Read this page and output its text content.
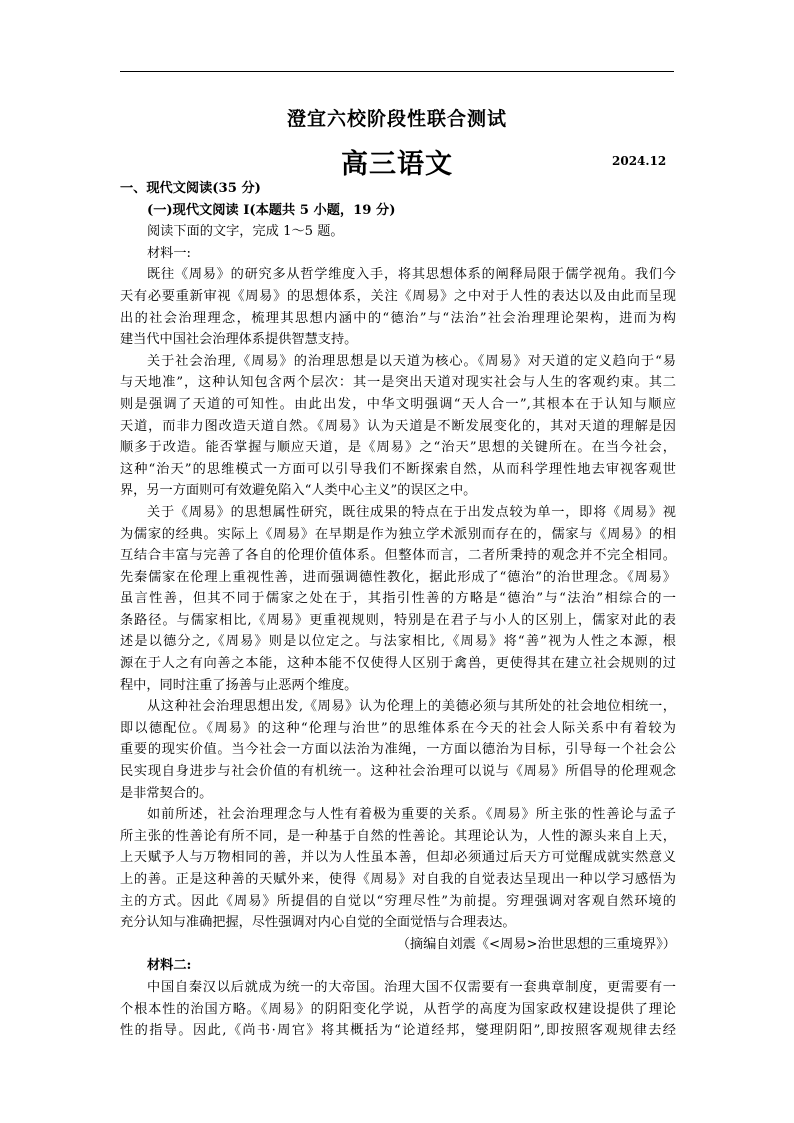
澄宜六校阶段性联合测试
高三语文	2024.12
一、现代文阅读(35 分)
(一)现代文阅读 I(本题共 5 小题，19 分)
阅读下面的文字，完成 1～5 题。
材料一:
既往《周易》的研究多从哲学维度入手，将其思想体系的阐释局限于儒学视角。我们今
天有必要重新审视《周易》的思想体系，关注《周易》之中对于人性的表达以及由此而呈现
出的社会治理理念，梳理其思想内涵中的“德治”与“法治”社会治理理论架构，进而为构
建当代中国社会治理体系提供智慧支持。
关于社会治理,《周易》的治理思想是以天道为核心。《周易》对天道的定义趋向于“易
与天地准”，这种认知包含两个层次：其一是突出天道对现实社会与人生的客观约束。其二
则是强调了天道的可知性。由此出发，中华文明强调“天人合一”,其根本在于认知与顺应
天道，而非力图改造天道自然。《周易》认为天道是不断发展变化的，其对天道的理解是因
顺多于改造。能否掌握与顺应天道，是《周易》之“治天”思想的关键所在。在当今社会，
这种“治天”的思维模式一方面可以引导我们不断探索自然，从而科学理性地去审视客观世
界，另一方面则可有效避免陷入“人类中心主义”的误区之中。
关于《周易》的思想属性研究，既往成果的特点在于出发点较为单一，即将《周易》视
为儒家的经典。实际上《周易》在早期是作为独立学术派别而存在的，儒家与《周易》的相
互结合丰富与完善了各自的伦理价值体系。但整体而言，二者所秉持的观念并不完全相同。
先秦儒家在伦理上重视性善，进而强调德性教化，据此形成了“德治”的治世理念。《周易》
虽言性善，但其不同于儒家之处在于，其指引性善的方略是“德治”与“法治”相综合的一
条路径。与儒家相比,《周易》更重视规则，特别是在君子与小人的区别上，儒家对此的表
述是以德分之,《周易》则是以位定之。与法家相比,《周易》将“善”视为人性之本源，根
源在于人之有向善之本能，这种本能不仅使得人区别于禽兽，更使得其在建立社会规则的过
程中，同时注重了扬善与止恶两个维度。
从这种社会治理思想出发,《周易》认为伦理上的美德必须与其所处的社会地位相统一，
即以德配位。《周易》的这种“伦理与治世”的思维体系在今天的社会人际关系中有着较为
重要的现实价值。当今社会一方面以法治为准绳，一方面以德治为目标，引导每一个社会公
民实现自身进步与社会价值的有机统一。这种社会治理可以说与《周易》所倡导的伦理观念
是非常契合的。
如前所述，社会治理理念与人性有着极为重要的关系。《周易》所主张的性善论与孟子
所主张的性善论有所不同，是一种基于自然的性善论。其理论认为，人性的源头来自上天，
上天赋予人与万物相同的善，并以为人性虽本善，但却必须通过后天方可觉醒成就实然意义
上的善。正是这种善的天赋外来，使得《周易》对自我的自觉表达呈现出一种以学习感悟为
主的方式。因此《周易》所提倡的自觉以“穷理尽性”为前提。穷理强调对客观自然环境的
充分认知与准确把握，尽性强调对内心自觉的全面觉悟与合理表达。
（摘编自刘震《<周易>治世思想的三重境界》）
材料二:
中国自秦汉以后就成为统一的大帝国。治理大国不仅需要有一套典章制度，更需要有一
个根本性的治国方略。《周易》的阴阳变化学说，从哲学的高度为国家政权建设提供了理论
性的指导。因此,《尚书·周官》将其概括为“论道经邦，燮理阴阳”,即按照客观规律去经
